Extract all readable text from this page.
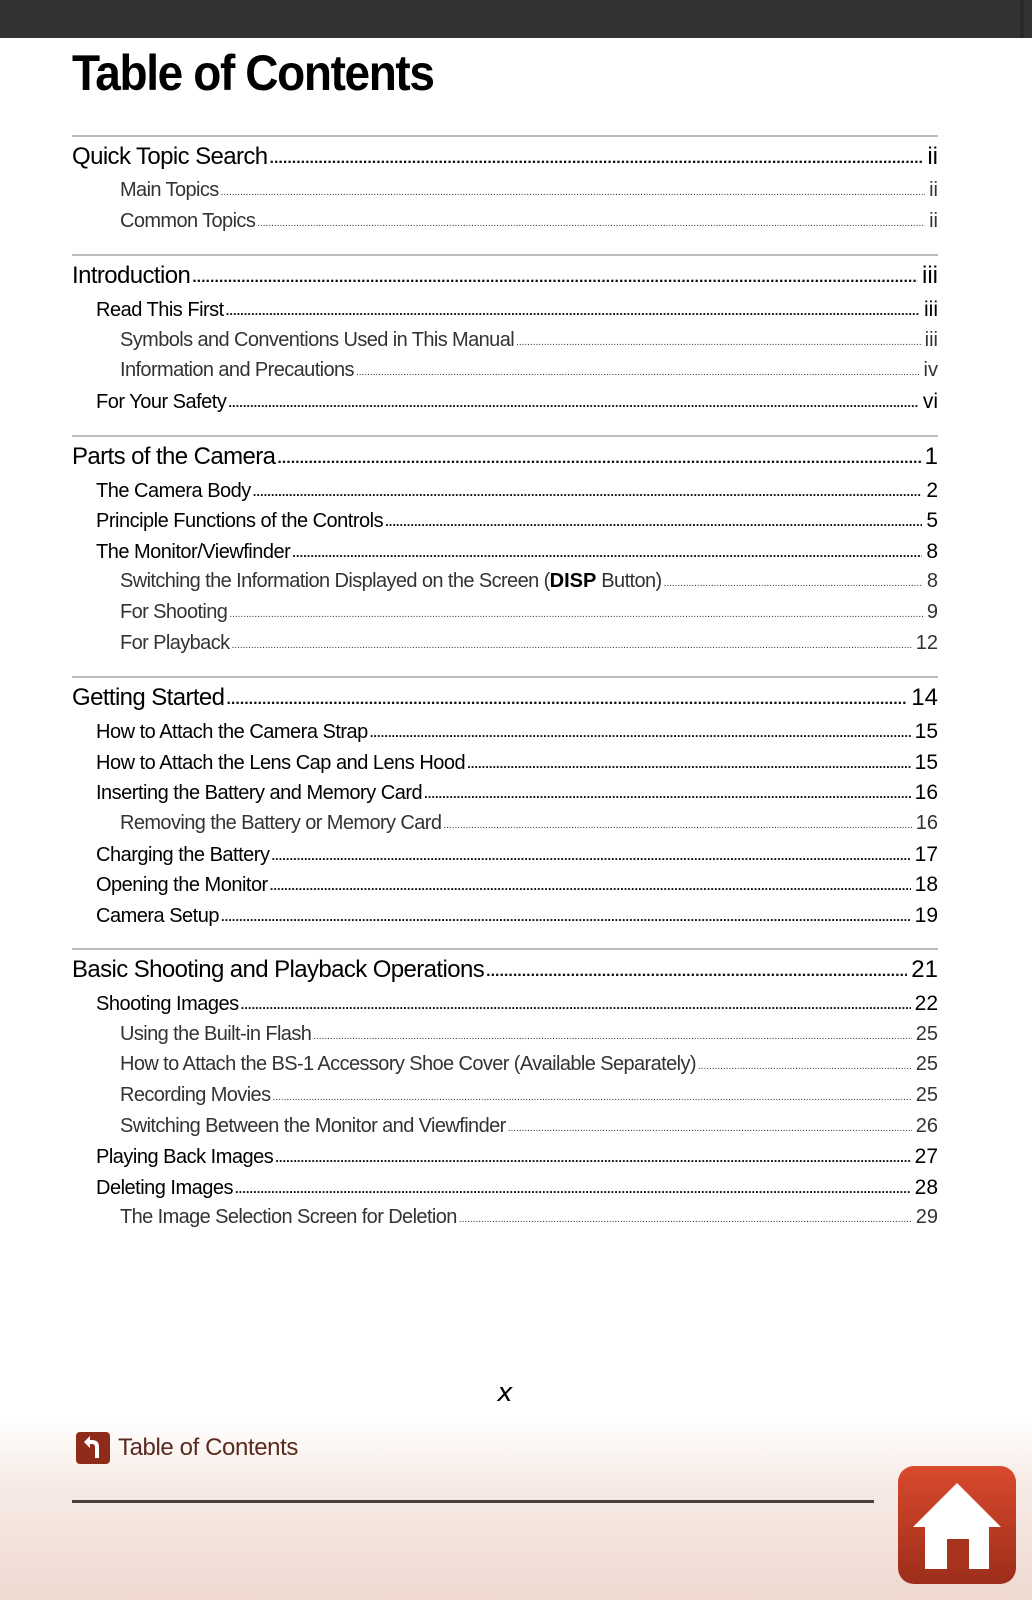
Table of Contents
Quick Topic Search .....	ii
Main Topics .....	ii
Common Topics .....	ii
Introduction .....	iii
Read This First .....	iii
Symbols and Conventions Used in This Manual .....	iii
Information and Precautions .....	iv
For Your Safety .....	vi
Parts of the Camera .....	1
The Camera Body .....	2
Principle Functions of the Controls .....	5
The Monitor/Viewfinder .....	8
Switching the Information Displayed on the Screen (DISP Button) .....	8
For Shooting .....	9
For Playback .....	12
Getting Started .....	14
How to Attach the Camera Strap .....	15
How to Attach the Lens Cap and Lens Hood .....	15
Inserting the Battery and Memory Card .....	16
Removing the Battery or Memory Card .....	16
Charging the Battery .....	17
Opening the Monitor .....	18
Camera Setup .....	19
Basic Shooting and Playback Operations .....	21
Shooting Images .....	22
Using the Built-in Flash .....	25
How to Attach the BS-1 Accessory Shoe Cover (Available Separately) .....	25
Recording Movies .....	25
Switching Between the Monitor and Viewfinder .....	26
Playing Back Images .....	27
Deleting Images .....	28
The Image Selection Screen for Deletion .....	29
x
Table of Contents
